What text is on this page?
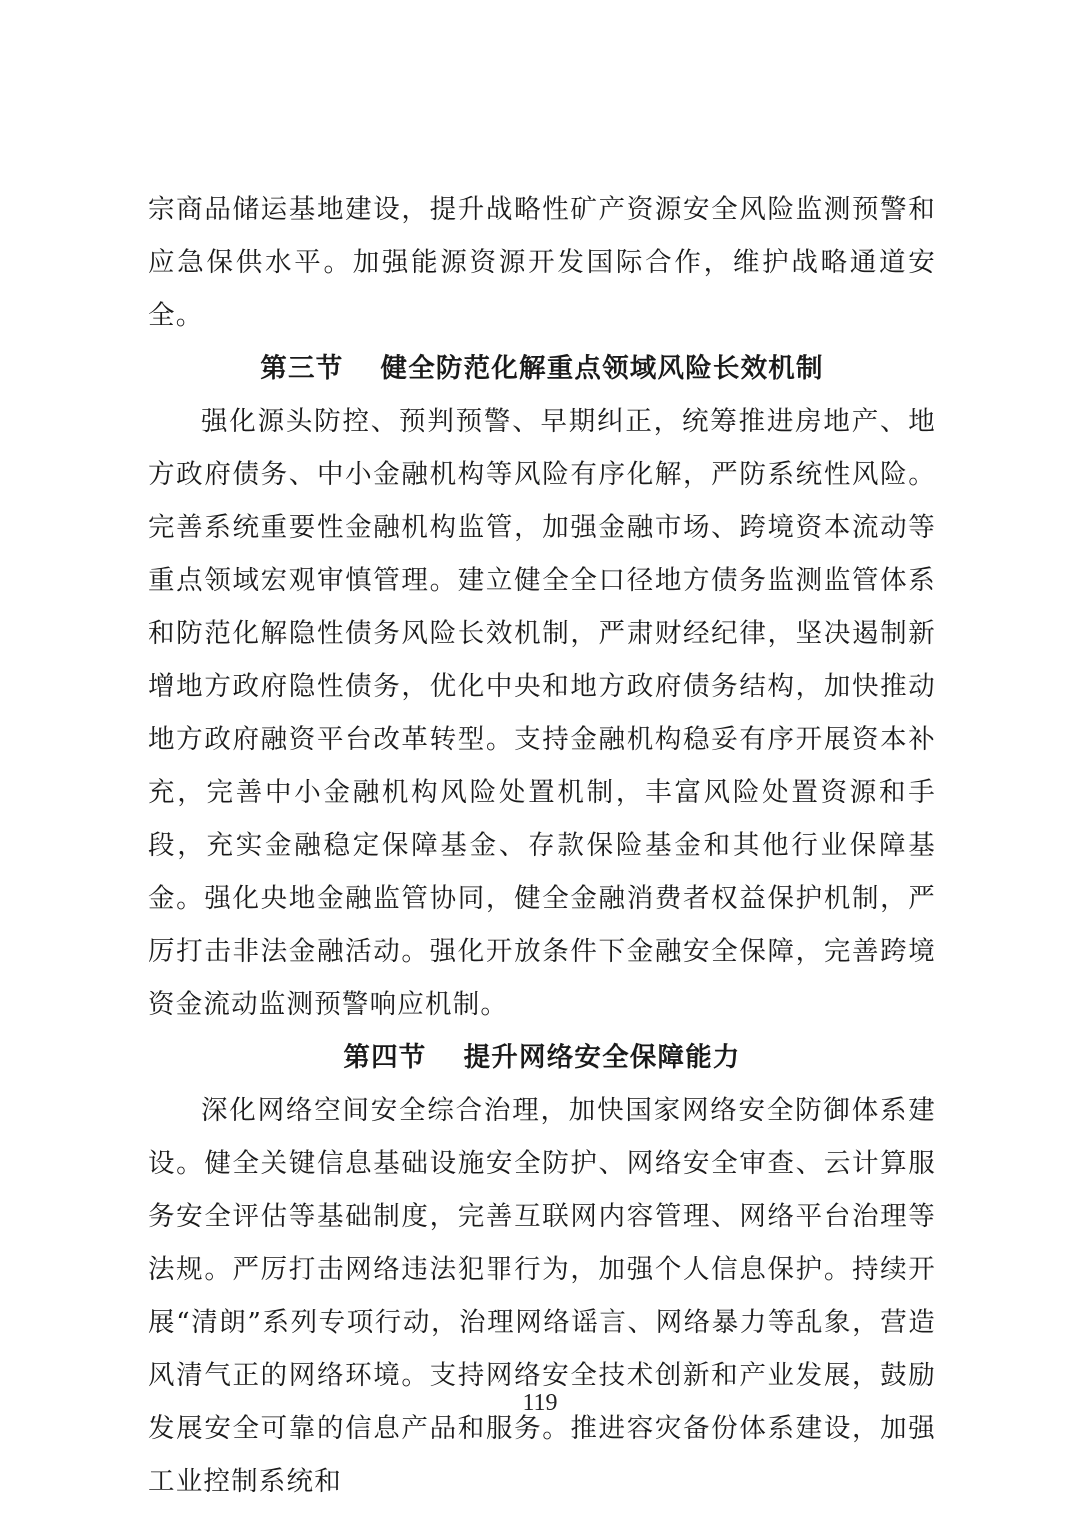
宗商品储运基地建设，提升战略性矿产资源安全风险监测预警和应急保供水平。加强能源资源开发国际合作，维护战略通道安全。

第三节 健全防范化解重点领域风险长效机制

强化源头防控、预判预警、早期纠正，统筹推进房地产、地方政府债务、中小金融机构等风险有序化解，严防系统性风险。完善系统重要性金融机构监管，加强金融市场、跨境资本流动等重点领域宏观审慎管理。建立健全全口径地方债务监测监管体系和防范化解隐性债务风险长效机制，严肃财经纪律，坚决遏制新增地方政府隐性债务，优化中央和地方政府债务结构，加快推动地方政府融资平台改革转型。支持金融机构稳妥有序开展资本补充，完善中小金融机构风险处置机制，丰富风险处置资源和手段，充实金融稳定保障基金、存款保险基金和其他行业保障基金。强化央地金融监管协同，健全金融消费者权益保护机制，严厉打击非法金融活动。强化开放条件下金融安全保障，完善跨境资金流动监测预警响应机制。

第四节 提升网络安全保障能力

深化网络空间安全综合治理，加快国家网络安全防御体系建设。健全关键信息基础设施安全防护、网络安全审查、云计算服务安全评估等基础制度，完善互联网内容管理、网络平台治理等法规。严厉打击网络违法犯罪行为，加强个人信息保护。持续开展“清朗”系列专项行动，治理网络谣言、网络暴力等乱象，营造风清气正的网络环境。支持网络安全技术创新和产业发展，鼓励发展安全可靠的信息产品和服务。推进容灾备份体系建设，加强工业控制系统和

119
